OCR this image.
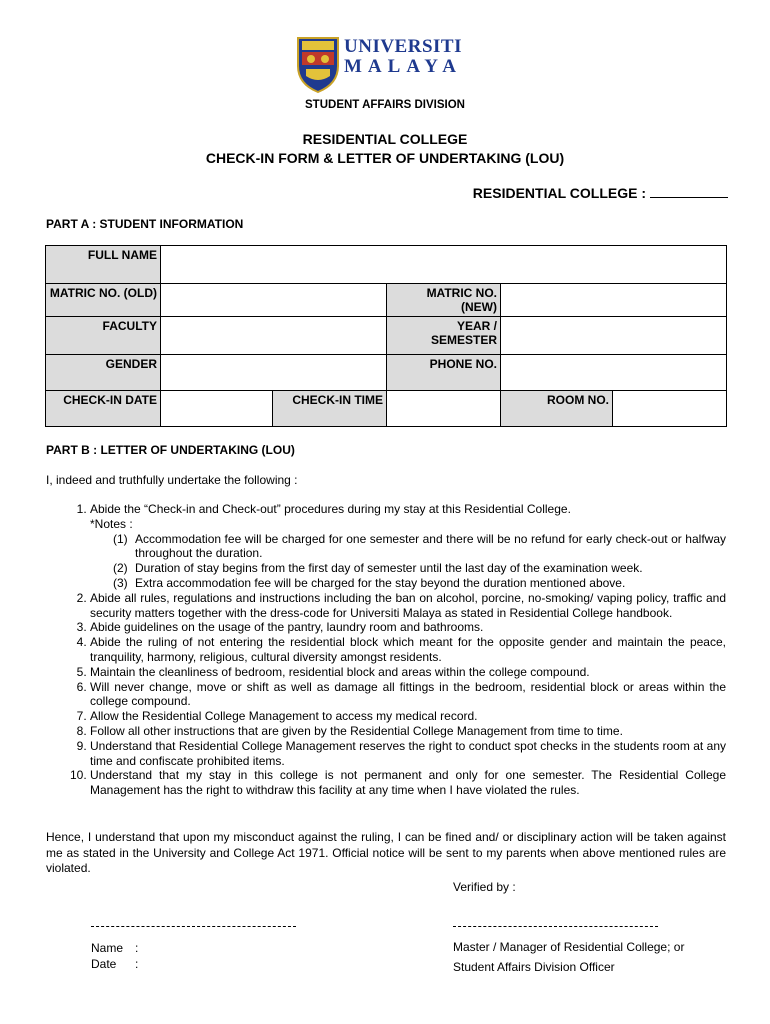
UNIVERSITI
MALAYA
STUDENT AFFAIRS DIVISION
RESIDENTIAL COLLEGE
CHECK-IN FORM & LETTER OF UNDERTAKING (LOU)
RESIDENTIAL COLLEGE :
PART A : STUDENT INFORMATION
FULL NAME					
MATRIC NO. (OLD)			MATRIC NO. (NEW)		
FACULTY			YEAR / SEMESTER		
GENDER			PHONE NO.		
CHECK-IN DATE		CHECK-IN TIME		ROOM NO.	
PART B : LETTER OF UNDERTAKING (LOU)
I, indeed and truthfully undertake the following :
1. Abide the “Check-in and Check-out” procedures during my stay at this Residential College.
*Notes :
(1) Accommodation fee will be charged for one semester and there will be no refund for early check-out or halfway throughout the duration.
(2) Duration of stay begins from the first day of semester until the last day of the examination week.
(3) Extra accommodation fee will be charged for the stay beyond the duration mentioned above.
2. Abide all rules, regulations and instructions including the ban on alcohol, porcine, no-smoking/ vaping policy, traffic and security matters together with the dress-code for Universiti Malaya as stated in Residential College handbook.
3. Abide guidelines on the usage of the pantry, laundry room and bathrooms.
4. Abide the ruling of not entering the residential block which meant for the opposite gender and maintain the peace, tranquility, harmony, religious, cultural diversity amongst residents.
5. Maintain the cleanliness of bedroom, residential block and areas within the college compound.
6. Will never change, move or shift as well as damage all fittings in the bedroom, residential block or areas within the college compound.
7. Allow the Residential College Management to access my medical record.
8. Follow all other instructions that are given by the Residential College Management from time to time.
9. Understand that Residential College Management reserves the right to conduct spot checks in the students room at any time and confiscate prohibited items.
10. Understand that my stay in this college is not permanent and only for one semester. The Residential College Management has the right to withdraw this facility at any time when I have violated the rules.
Hence, I understand that upon my misconduct against the ruling, I can be fined and/ or disciplinary action will be taken against me as stated in the University and College Act 1971. Official notice will be sent to my parents when above mentioned rules are violated.
Verified by :
Name :
Date :
Master / Manager of Residential College; or
Student Affairs Division Officer
